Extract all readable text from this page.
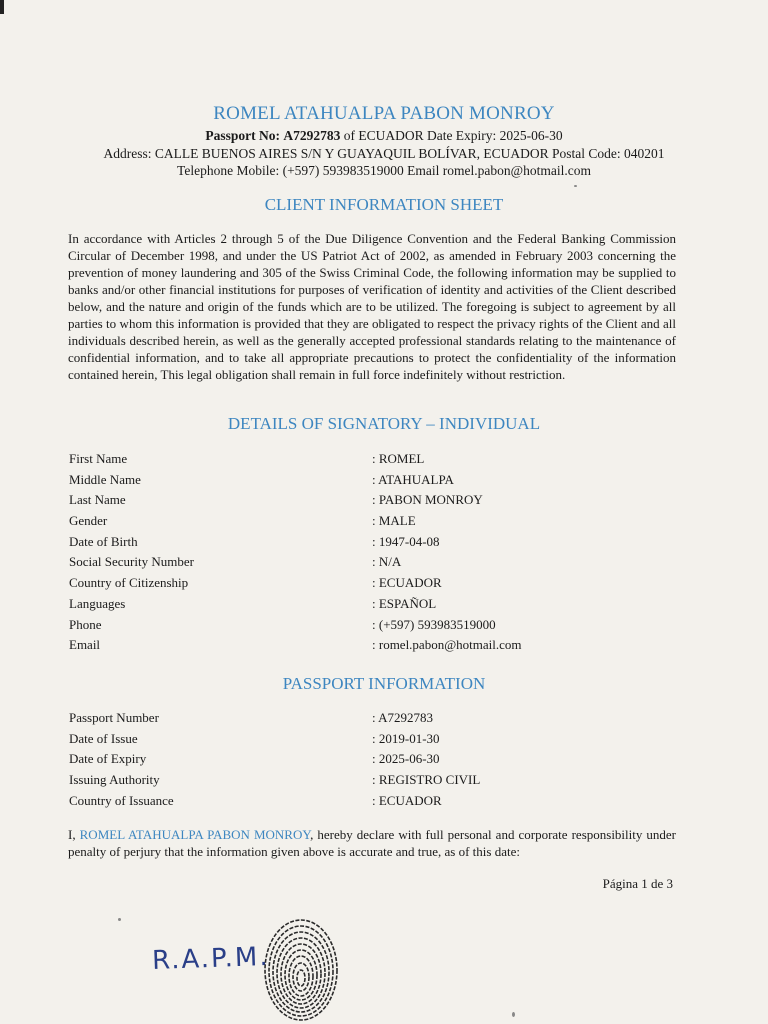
ROMEL ATAHUALPA PABON MONROY
Passport No: A7292783 of ECUADOR Date Expiry: 2025-06-30
Address: CALLE BUENOS AIRES S/N Y GUAYAQUIL BOLÍVAR, ECUADOR Postal Code: 040201
Telephone Mobile: (+597) 593983519000 Email romel.pabon@hotmail.com
CLIENT INFORMATION SHEET
In accordance with Articles 2 through 5 of the Due Diligence Convention and the Federal Banking Commission Circular of December 1998, and under the US Patriot Act of 2002, as amended in February 2003 concerning the prevention of money laundering and 305 of the Swiss Criminal Code, the following information may be supplied to banks and/or other financial institutions for purposes of verification of identity and activities of the Client described below, and the nature and origin of the funds which are to be utilized. The foregoing is subject to agreement by all parties to whom this information is provided that they are obligated to respect the privacy rights of the Client and all individuals described herein, as well as the generally accepted professional standards relating to the maintenance of confidential information, and to take all appropriate precautions to protect the confidentiality of the information contained herein, This legal obligation shall remain in full force indefinitely without restriction.
DETAILS OF SIGNATORY – INDIVIDUAL
First Name	: ROMEL
Middle Name	: ATAHUALPA
Last Name	: PABON MONROY
Gender	: MALE
Date of Birth	: 1947-04-08
Social Security Number	: N/A
Country of Citizenship	: ECUADOR
Languages	: ESPAÑOL
Phone	: (+597) 593983519000
Email	: romel.pabon@hotmail.com
PASSPORT INFORMATION
Passport Number	: A7292783
Date of Issue	: 2019-01-30
Date of Expiry	: 2025-06-30
Issuing Authority	: REGISTRO CIVIL
Country of Issuance	: ECUADOR
I, ROMEL ATAHUALPA PABON MONROY, hereby declare with full personal and corporate responsibility under penalty of perjury that the information given above is accurate and true, as of this date:
Página 1 de 3
R.A.P.M.
